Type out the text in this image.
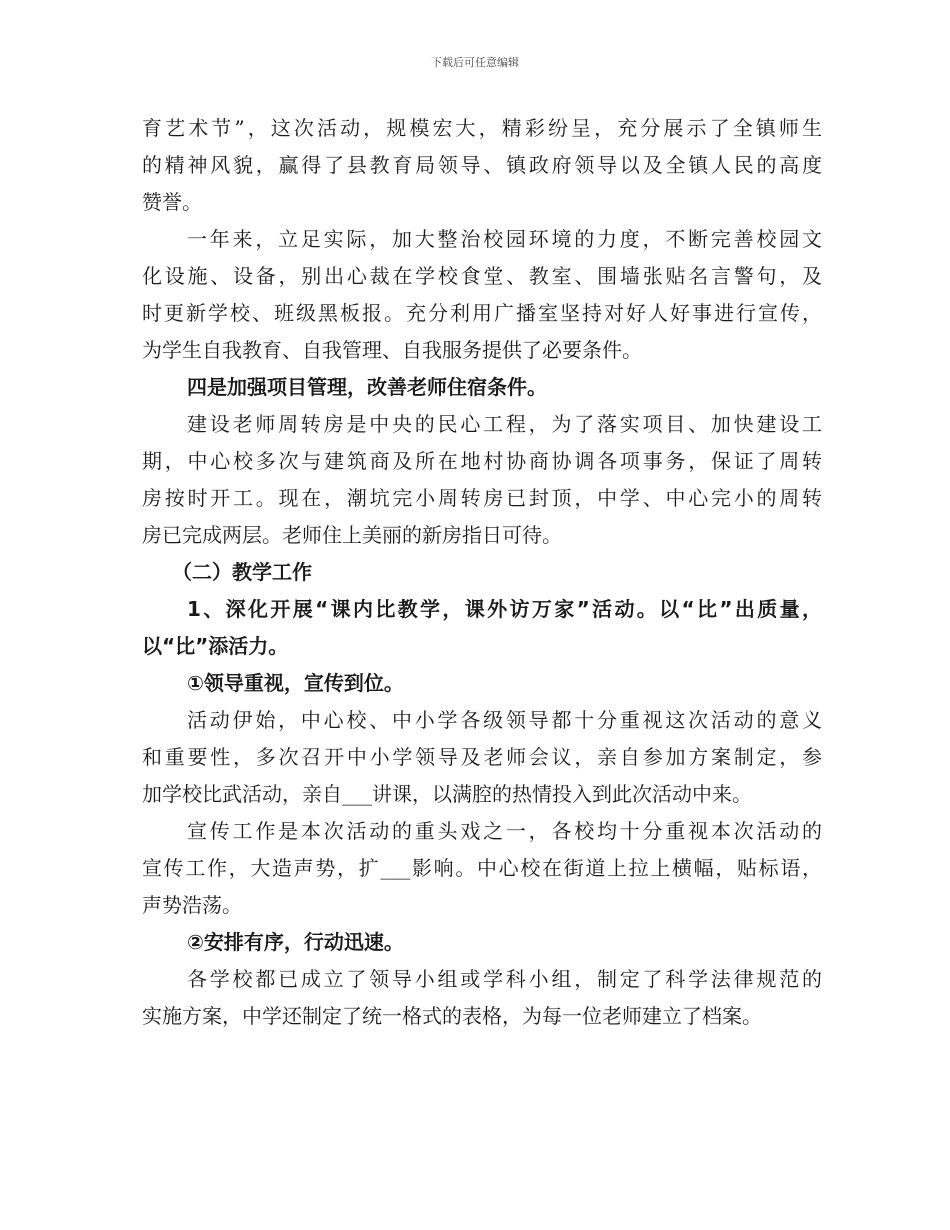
下载后可任意编辑
育艺术节”，这次活动，规模宏大，精彩纷呈，充分展示了全镇师生
的精神风貌，赢得了县教育局领导、镇政府领导以及全镇人民的高度
赞誉。
一年来，立足实际，加大整治校园环境的力度，不断完善校园文
化设施、设备，别出心裁在学校食堂、教室、围墙张贴名言警句，及
时更新学校、班级黑板报。充分利用广播室坚持对好人好事进行宣传，
为学生自我教育、自我管理、自我服务提供了必要条件。
四是加强项目管理，改善老师住宿条件。
建设老师周转房是中央的民心工程，为了落实项目、加快建设工
期，中心校多次与建筑商及所在地村协商协调各项事务，保证了周转
房按时开工。现在，潮坑完小周转房已封顶，中学、中心完小的周转
房已完成两层。老师住上美丽的新房指日可待。
（二）教学工作
1、深化开展“课内比教学，课外访万家”活动。以“比”出质量，
以“比”添活力。
①领导重视，宣传到位。
活动伊始，中心校、中小学各级领导都十分重视这次活动的意义
和重要性，多次召开中小学领导及老师会议，亲自参加方案制定，参
加学校比武活动，亲自___讲课，以满腔的热情投入到此次活动中来。
宣传工作是本次活动的重头戏之一，各校均十分重视本次活动的
宣传工作，大造声势，扩___影响。中心校在街道上拉上横幅，贴标语，
声势浩荡。
②安排有序，行动迅速。
各学校都已成立了领导小组或学科小组，制定了科学法律规范的
实施方案，中学还制定了统一格式的表格，为每一位老师建立了档案。
